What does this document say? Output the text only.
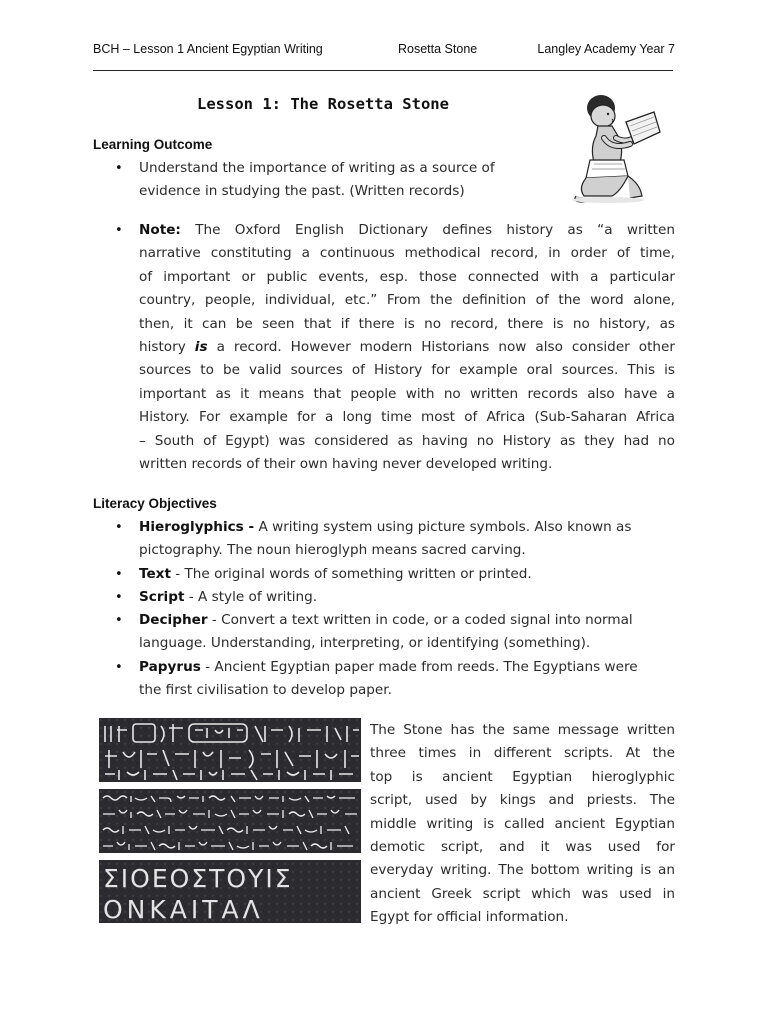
BCH – Lesson 1 Ancient Egyptian Writing	Rosetta Stone	Langley Academy Year 7
Lesson 1: The Rosetta Stone
Learning Outcome
• Understand the importance of writing as a source of
evidence in studying the past. (Written records)
• Note: The Oxford English Dictionary defines history as “a written
narrative constituting a continuous methodical record, in order of time,
of important or public events, esp. those connected with a particular
country, people, individual, etc.” From the definition of the word alone,
then, it can be seen that if there is no record, there is no history, as
history is a record. However modern Historians now also consider other
sources to be valid sources of History for example oral sources. This is
important as it means that people with no written records also have a
History. For example for a long time most of Africa (Sub-Saharan Africa
– South of Egypt) was considered as having no History as they had no
written records of their own having never developed writing.
Literacy Objectives
• Hieroglyphics - A writing system using picture symbols. Also known as
pictography. The noun hieroglyph means sacred carving.
• Text - The original words of something written or printed.
• Script - A style of writing.
• Decipher - Convert a text written in code, or a coded signal into normal
language. Understanding, interpreting, or identifying (something).
• Papyrus - Ancient Egyptian paper made from reeds. The Egyptians were
the first civilisation to develop paper.
ΣΙΟΕΟΣΤΟΥΙΣ
ΟΝΚΑΙΤΑΛ
The Stone has the same message written
three times in different scripts. At the
top is ancient Egyptian hieroglyphic
script, used by kings and priests. The
middle writing is called ancient Egyptian
demotic script, and it was used for
everyday writing. The bottom writing is an
ancient Greek script which was used in
Egypt for official information.
